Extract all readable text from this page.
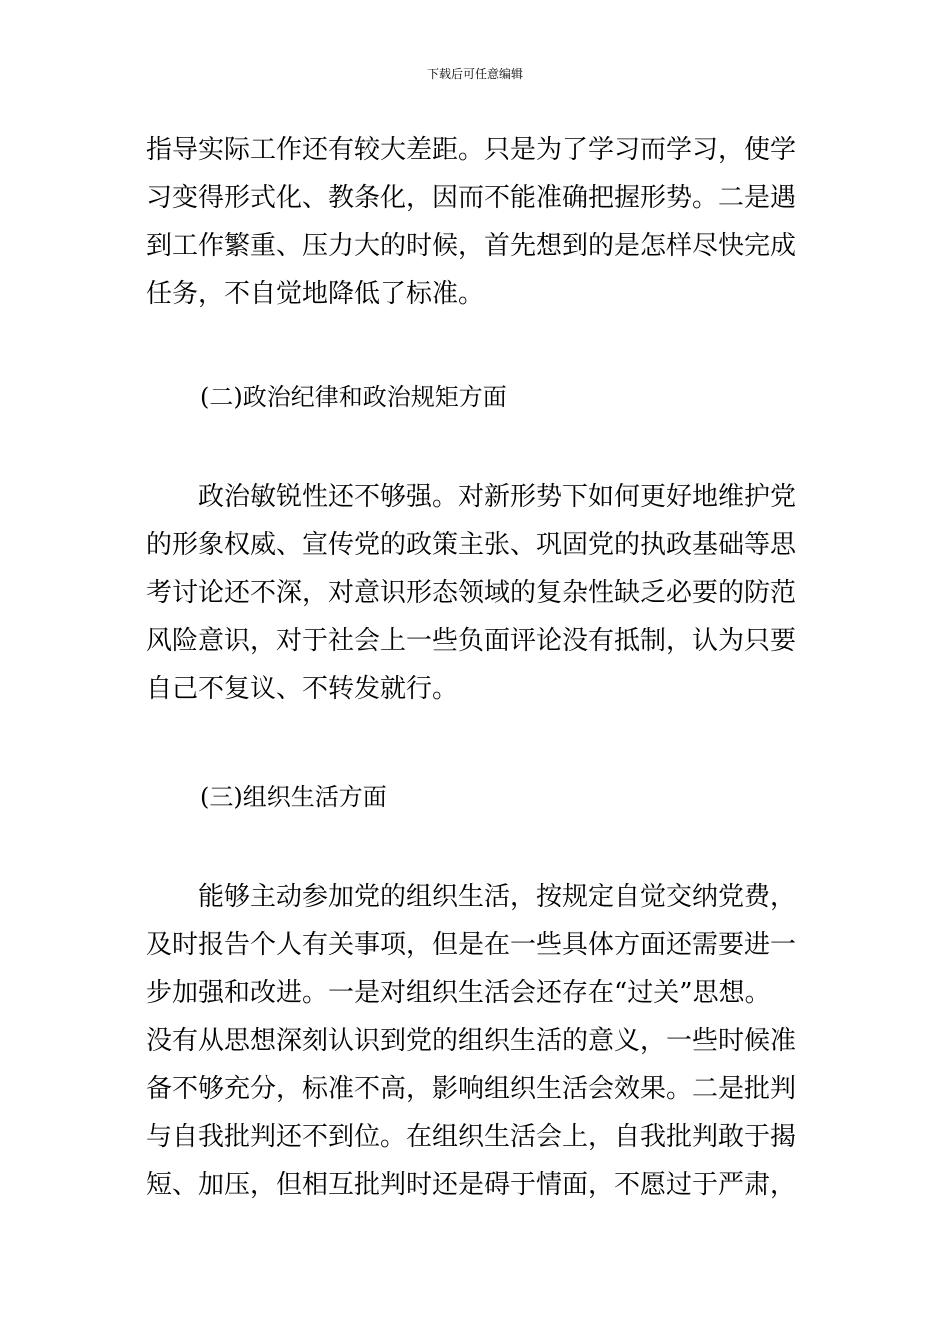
下载后可任意编辑

指导实际工作还有较大差距。只是为了学习而学习，使学
习变得形式化、教条化，因而不能准确把握形势。二是遇
到工作繁重、压力大的时候，首先想到的是怎样尽快完成
任务，不自觉地降低了标准。

(二)政治纪律和政治规矩方面

　　政治敏锐性还不够强。对新形势下如何更好地维护党
的形象权威、宣传党的政策主张、巩固党的执政基础等思
考讨论还不深，对意识形态领域的复杂性缺乏必要的防范
风险意识，对于社会上一些负面评论没有抵制，认为只要
自己不复议、不转发就行。

(三)组织生活方面

　　能够主动参加党的组织生活，按规定自觉交纳党费，
及时报告个人有关事项，但是在一些具体方面还需要进一
步加强和改进。一是对组织生活会还存在“过关”思想。
没有从思想深刻认识到党的组织生活的意义，一些时候准
备不够充分，标准不高，影响组织生活会效果。二是批判
与自我批判还不到位。在组织生活会上，自我批判敢于揭
短、加压，但相互批判时还是碍于情面，不愿过于严肃，
